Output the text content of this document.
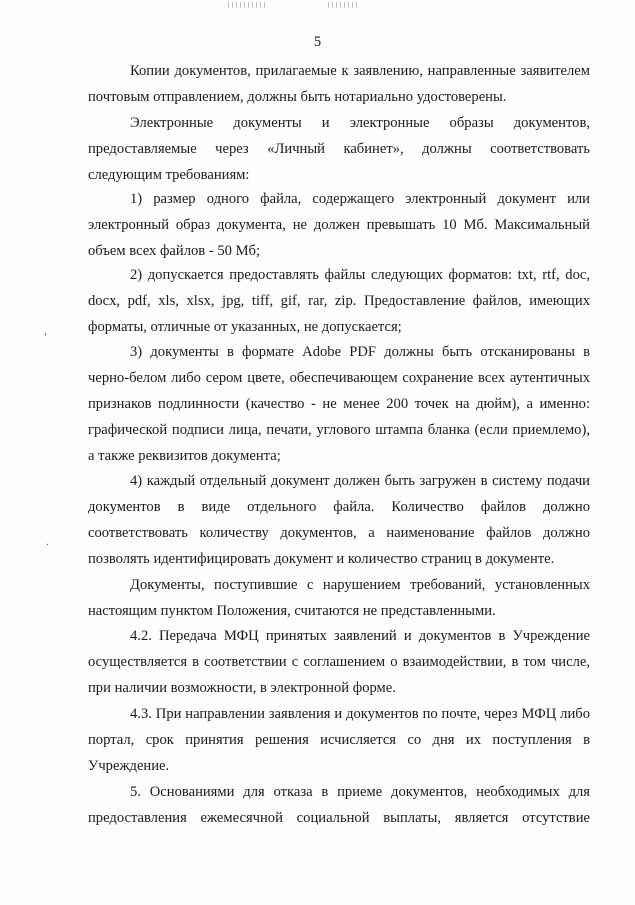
'
·
5

Копии документов, прилагаемые к заявлению, направленные заявителем почтовым отправлением, должны быть нотариально удостоверены.

Электронные документы и электронные образы документов, предоставляемые через «Личный кабинет», должны соответствовать следующим требованиям:

1) размер одного файла, содержащего электронный документ или электронный образ документа, не должен превышать 10 Мб. Максимальный объем всех файлов - 50 Мб;

2) допускается предоставлять файлы следующих форматов: txt, rtf, doc, docx, pdf, xls, xlsx, jpg, tiff, gif, rar, zip. Предоставление файлов, имеющих форматы, отличные от указанных, не допускается;

3) документы в формате Adobe PDF должны быть отсканированы в черно-белом либо сером цвете, обеспечивающем сохранение всех аутентичных признаков подлинности (качество - не менее 200 точек на дюйм), а именно: графической подписи лица, печати, углового штампа бланка (если приемлемо), а также реквизитов документа;

4) каждый отдельный документ должен быть загружен в систему подачи документов в виде отдельного файла. Количество файлов должно соответствовать количеству документов, а наименование файлов должно позволять идентифицировать документ и количество страниц в документе.

Документы, поступившие с нарушением требований, установленных настоящим пунктом Положения, считаются не представленными.

4.2. Передача МФЦ принятых заявлений и документов в Учреждение осуществляется в соответствии с соглашением о взаимодействии, в том числе, при наличии возможности, в электронной форме.

4.3. При направлении заявления и документов по почте, через МФЦ либо портал, срок принятия решения исчисляется со дня их поступления в Учреждение.

5. Основаниями для отказа в приеме документов, необходимых для предоставления ежемесячной социальной выплаты, является отсутствие
